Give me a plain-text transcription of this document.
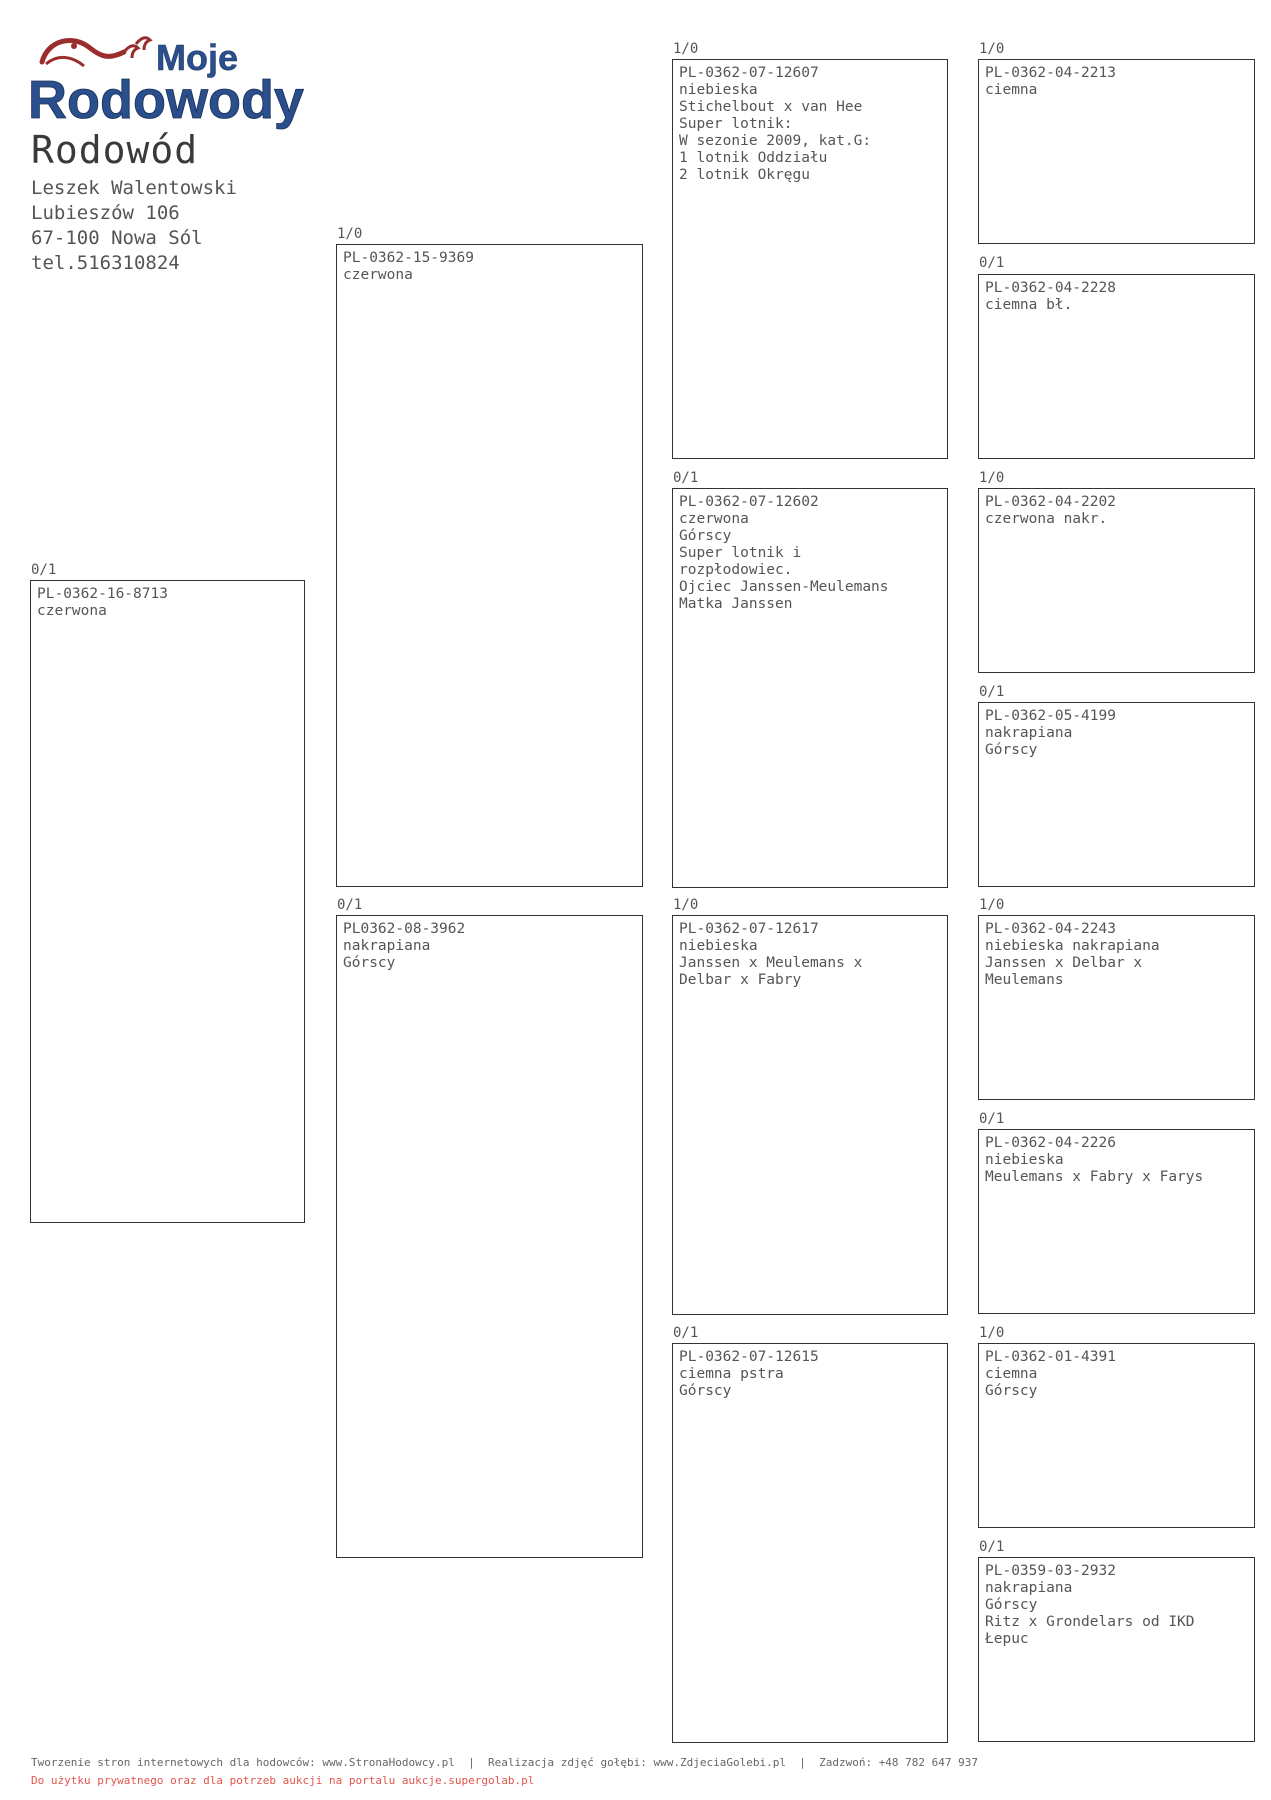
Moje
Rodowody
Rodowód
Leszek Walentowski
Lubieszów 106
67-100 Nowa Sól
tel.516310824
0/1
PL-0362-16-8713
czerwona
1/0
PL-0362-15-9369
czerwona
0/1
PL0362-08-3962
nakrapiana
Górscy
1/0
PL-0362-07-12607
niebieska
Stichelbout x van Hee
Super lotnik:
W sezonie 2009, kat.G:
1 lotnik Oddziału
2 lotnik Okręgu
0/1
PL-0362-07-12602
czerwona
Górscy
Super lotnik i
rozpłodowiec.
Ojciec Janssen-Meulemans
Matka Janssen
1/0
PL-0362-07-12617
niebieska
Janssen x Meulemans x
Delbar x Fabry
0/1
PL-0362-07-12615
ciemna pstra
Górscy
1/0
PL-0362-04-2213
ciemna
0/1
PL-0362-04-2228
ciemna bł.
1/0
PL-0362-04-2202
czerwona nakr.
0/1
PL-0362-05-4199
nakrapiana
Górscy
1/0
PL-0362-04-2243
niebieska nakrapiana
Janssen x Delbar x
Meulemans
0/1
PL-0362-04-2226
niebieska
Meulemans x Fabry x Farys
1/0
PL-0362-01-4391
ciemna
Górscy
0/1
PL-0359-03-2932
nakrapiana
Górscy
Ritz x Grondelars od IKD
Łepuc
Tworzenie stron internetowych dla hodowców: www.StronaHodowcy.pl  |  Realizacja zdjęć gołębi: www.ZdjeciaGolebi.pl  |  Zadzwoń: +48 782 647 937
Do użytku prywatnego oraz dla potrzeb aukcji na portalu aukcje.supergolab.pl
